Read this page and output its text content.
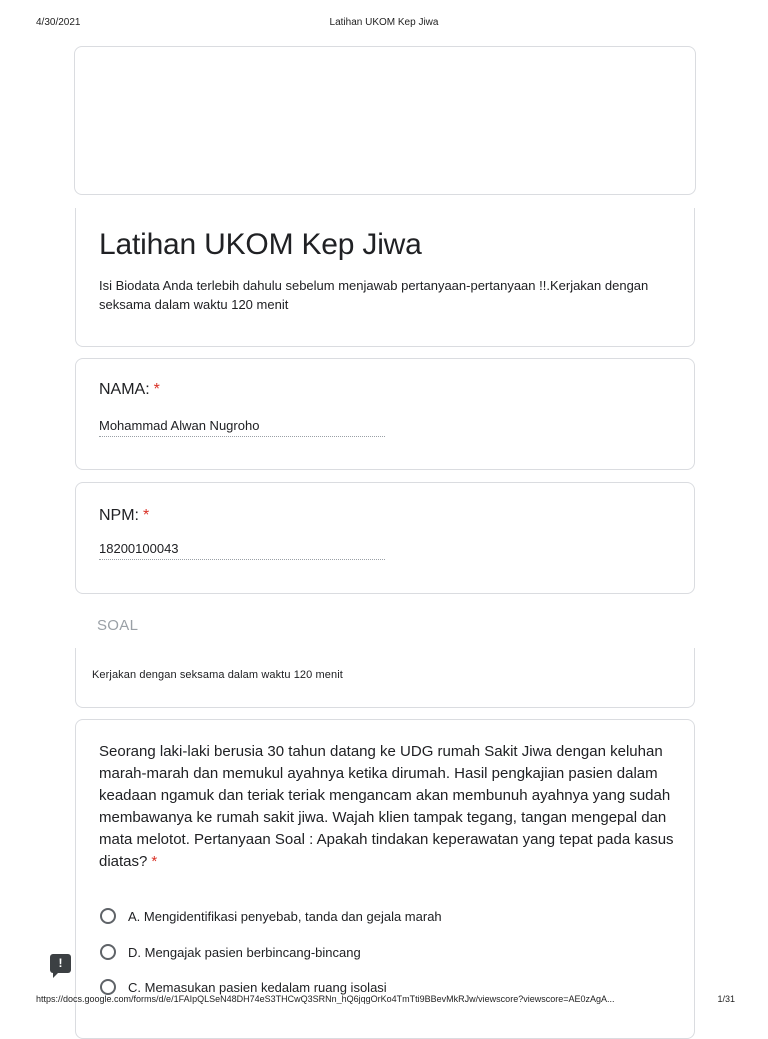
4/30/2021	Latihan UKOM Kep Jiwa
Latihan UKOM Kep Jiwa
Isi Biodata Anda terlebih dahulu sebelum menjawab pertanyaan-pertanyaan !!.Kerjakan dengan seksama dalam waktu 120 menit
NAMA: *
Mohammad Alwan Nugroho
NPM: *
18200100043
SOAL
Kerjakan dengan seksama dalam waktu 120 menit
Seorang laki-laki berusia 30 tahun datang ke UDG rumah Sakit Jiwa dengan keluhan marah-marah dan memukul ayahnya ketika dirumah. Hasil pengkajian pasien dalam keadaan ngamuk dan teriak teriak mengancam akan membunuh ayahnya yang sudah membawanya ke rumah sakit jiwa. Wajah klien tampak tegang, tangan mengepal dan mata melotot. Pertanyaan Soal : Apakah tindakan keperawatan yang tepat pada kasus diatas? *
A. Mengidentifikasi penyebab, tanda dan gejala marah
D. Mengajak pasien berbincang-bincang
C. Memasukan pasien kedalam ruang isolasi
https://docs.google.com/forms/d/e/1FAIpQLSeN48DH74eS3THCwQ3SRNn_hQ6jqgOrKo4TmTti9BBevMkRJw/viewscore?viewscore=AE0zAgA...	1/31
!
